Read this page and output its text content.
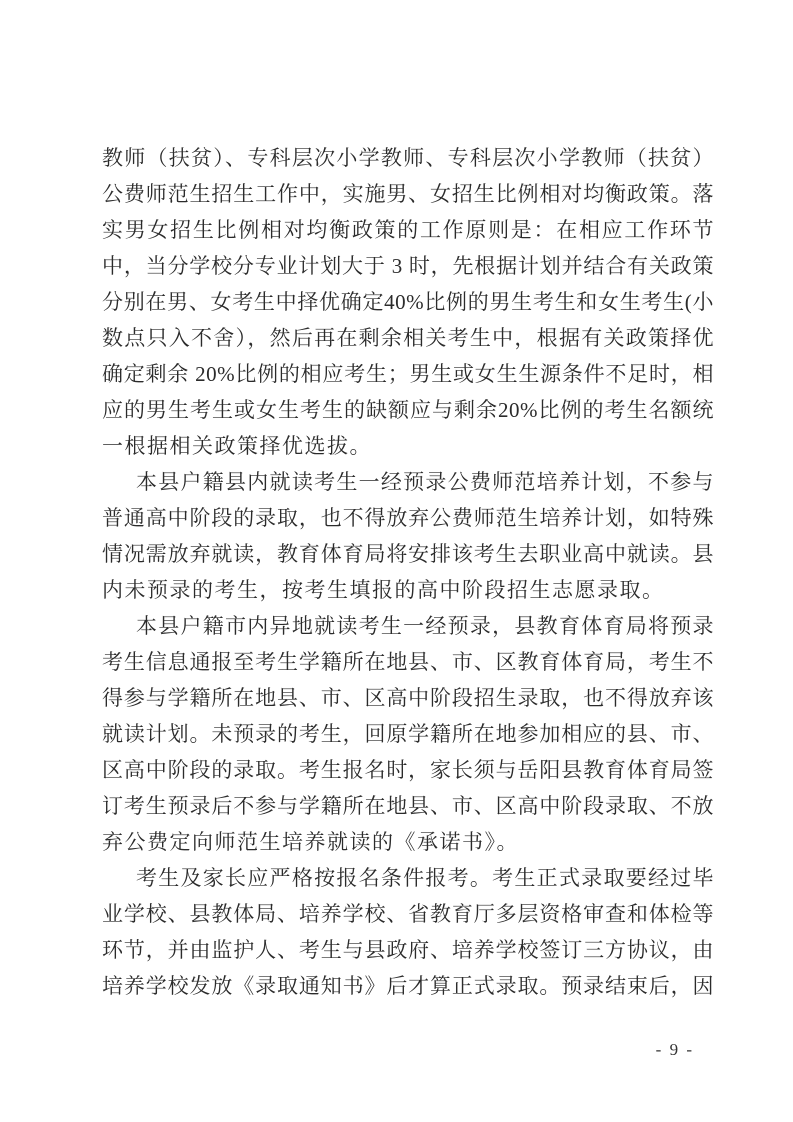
教师（扶贫）、专科层次小学教师、专科层次小学教师（扶贫）
公费师范生招生工作中，实施男、女招生比例相对均衡政策。落
实男女招生比例相对均衡政策的工作原则是：在相应工作环节
中，当分学校分专业计划大于 3 时，先根据计划并结合有关政策
分别在男、女考生中择优确定40%比例的男生考生和女生考生(小
数点只入不舍），然后再在剩余相关考生中，根据有关政策择优
确定剩余 20%比例的相应考生；男生或女生生源条件不足时，相
应的男生考生或女生考生的缺额应与剩余20%比例的考生名额统
一根据相关政策择优选拔。
本县户籍县内就读考生一经预录公费师范培养计划，不参与
普通高中阶段的录取，也不得放弃公费师范生培养计划，如特殊
情况需放弃就读，教育体育局将安排该考生去职业高中就读。县
内未预录的考生，按考生填报的高中阶段招生志愿录取。
本县户籍市内异地就读考生一经预录，县教育体育局将预录
考生信息通报至考生学籍所在地县、市、区教育体育局，考生不
得参与学籍所在地县、市、区高中阶段招生录取，也不得放弃该
就读计划。未预录的考生，回原学籍所在地参加相应的县、市、
区高中阶段的录取。考生报名时，家长须与岳阳县教育体育局签
订考生预录后不参与学籍所在地县、市、区高中阶段录取、不放
弃公费定向师范生培养就读的《承诺书》。
考生及家长应严格按报名条件报考。考生正式录取要经过毕
业学校、县教体局、培养学校、省教育厅多层资格审查和体检等
环节，并由监护人、考生与县政府、培养学校签订三方协议，由
培养学校发放《录取通知书》后才算正式录取。预录结束后，因
- 9 -
